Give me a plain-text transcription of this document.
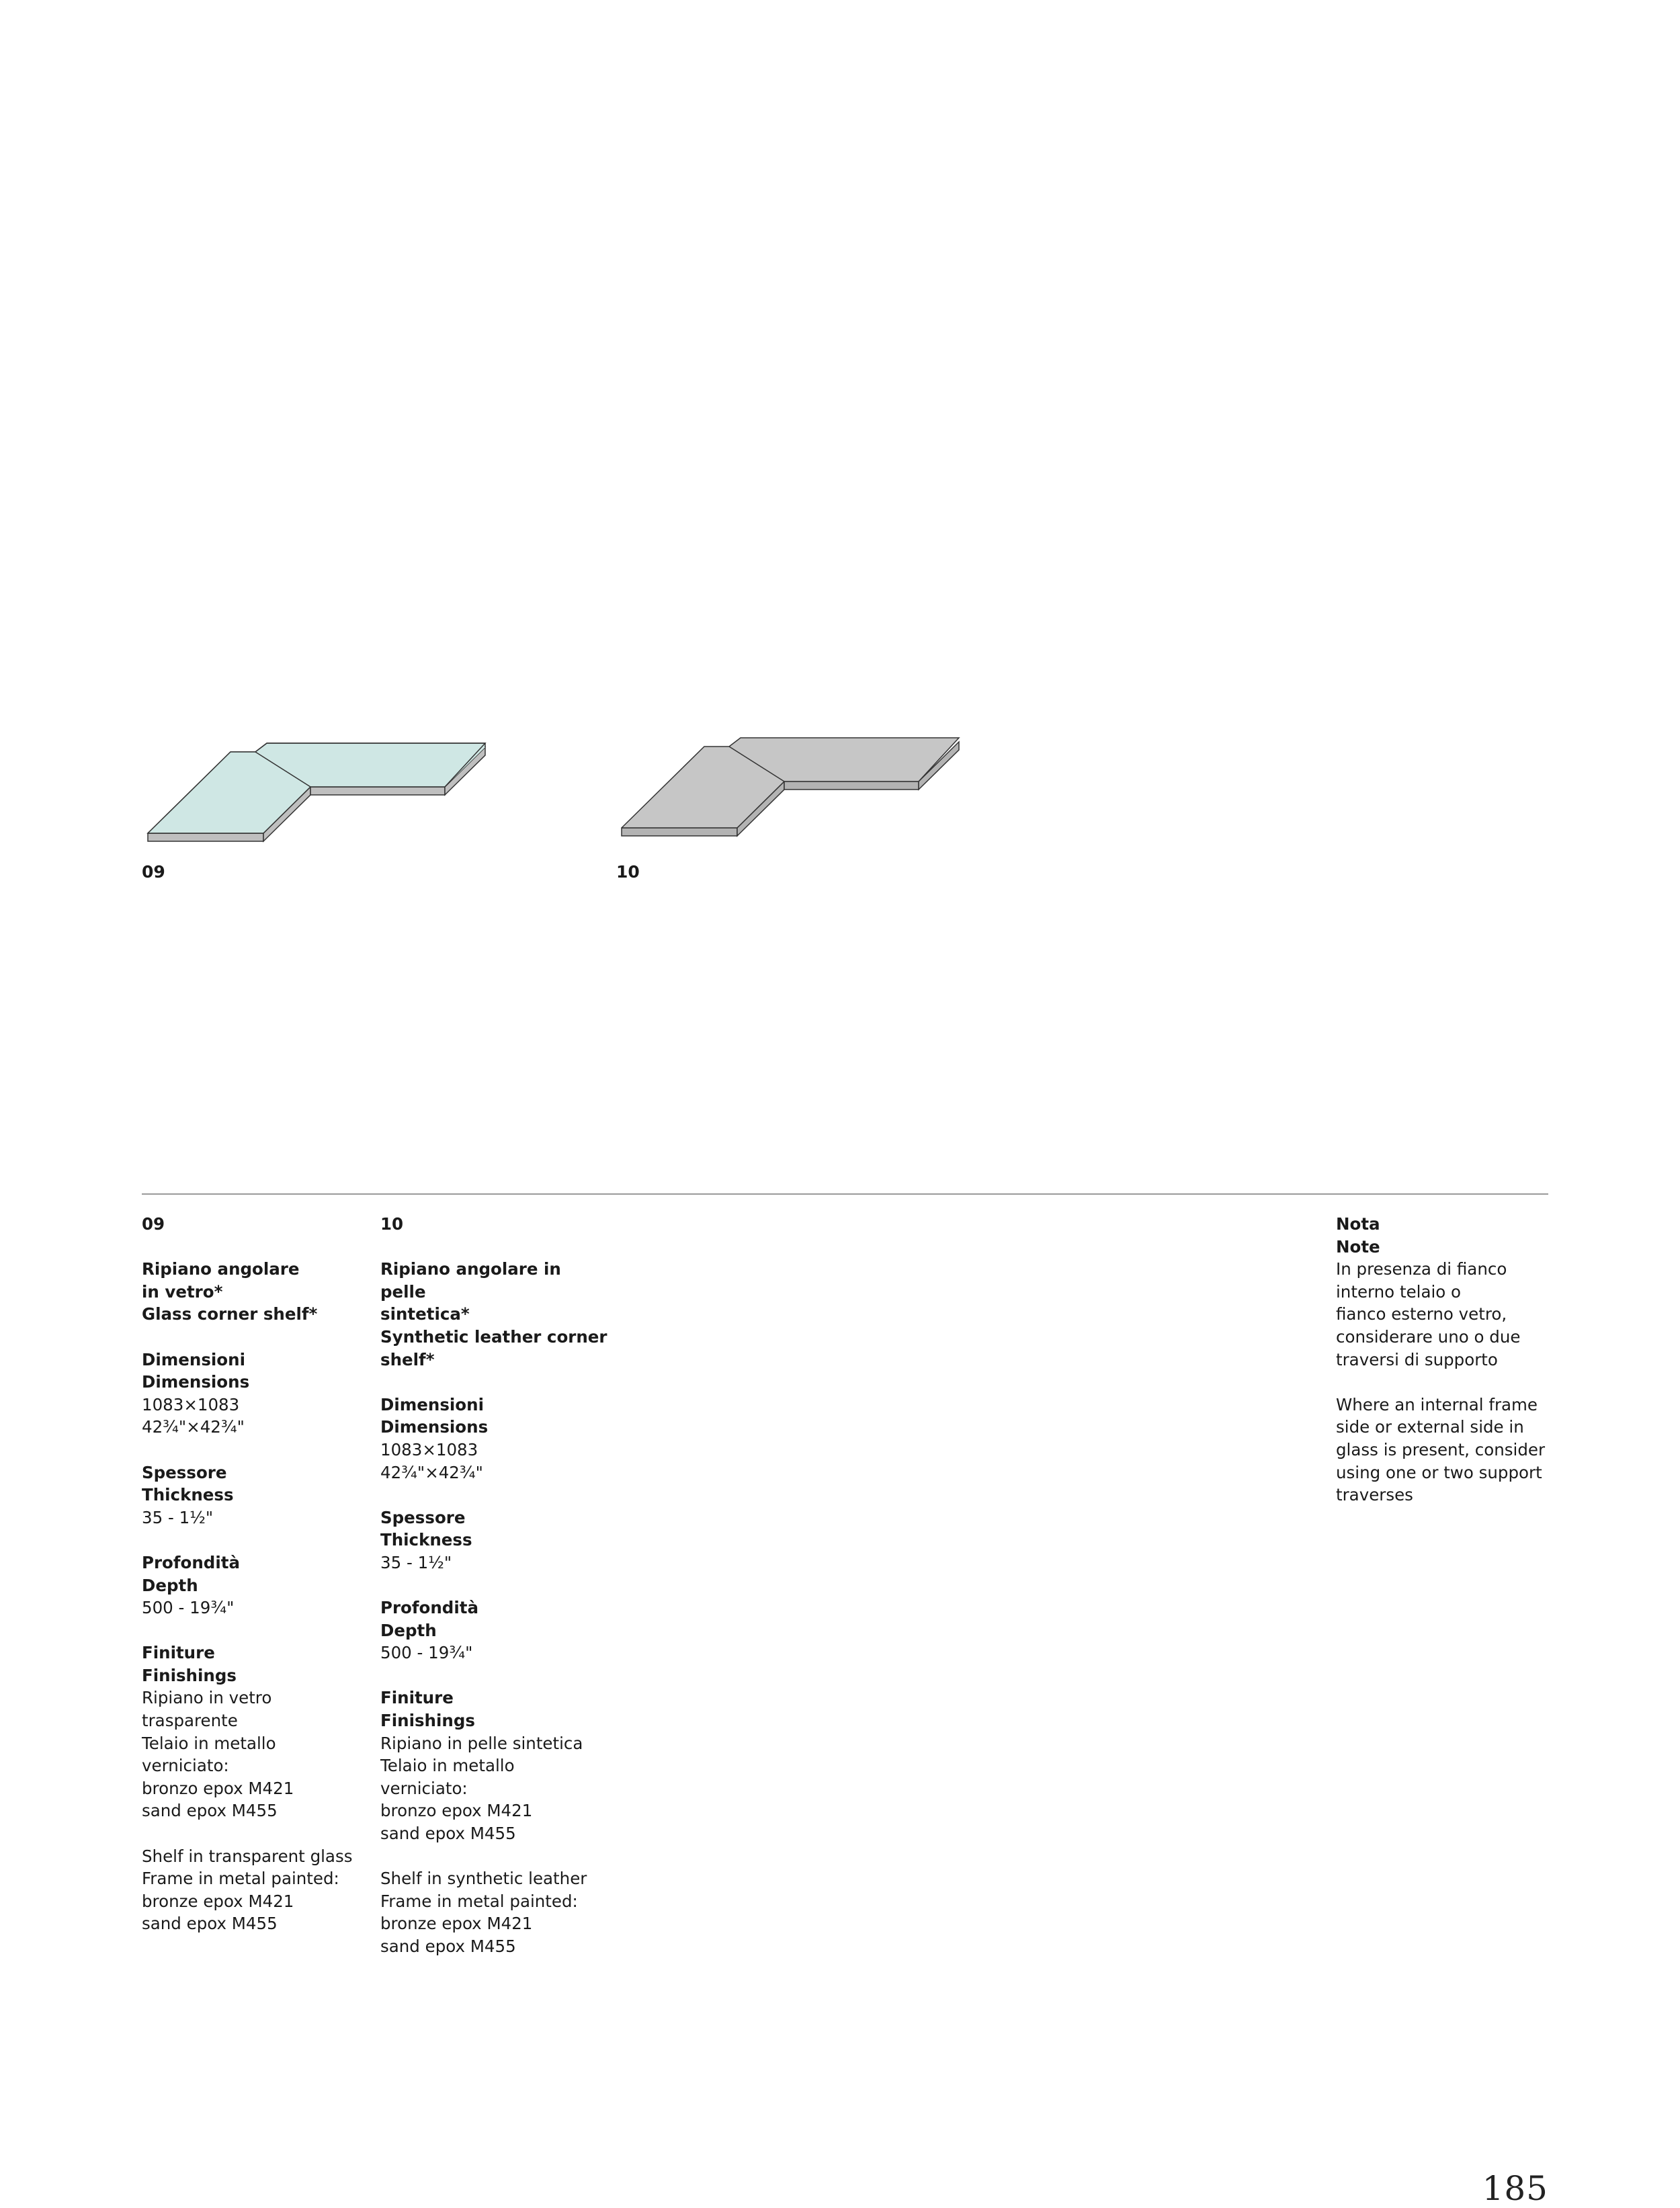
09	10

09

Ripiano angolare

in vetro*

Glass corner shelf*

Dimensioni

Dimensions

1083×1083

42¾"×42¾"

Spessore

Thickness

35 - 1½"

Profondità

Depth

500 - 19¾"

Finiture

Finishings

Ripiano in vetro

trasparente

Telaio in metallo

verniciato:

bronzo epox M421

sand epox M455

Shelf in transparent glass

Frame in metal painted:

bronze epox M421

sand epox M455

10

Ripiano angolare in pelle

sintetica*

Synthetic leather corner

shelf*

Dimensioni

Dimensions

1083×1083

42¾"×42¾"

Spessore

Thickness

35 - 1½"

Profondità

Depth

500 - 19¾"

Finiture

Finishings

Ripiano in pelle sintetica

Telaio in metallo

verniciato:

bronzo epox M421

sand epox M455

Shelf in synthetic leather

Frame in metal painted:

bronze epox M421

sand epox M455

Nota

Note

In presenza di fianco

interno telaio o

fianco esterno vetro,

considerare uno o due

traversi di supporto

Where an internal frame

side or external side in

glass is present, consider

using one or two support

traverses

185
